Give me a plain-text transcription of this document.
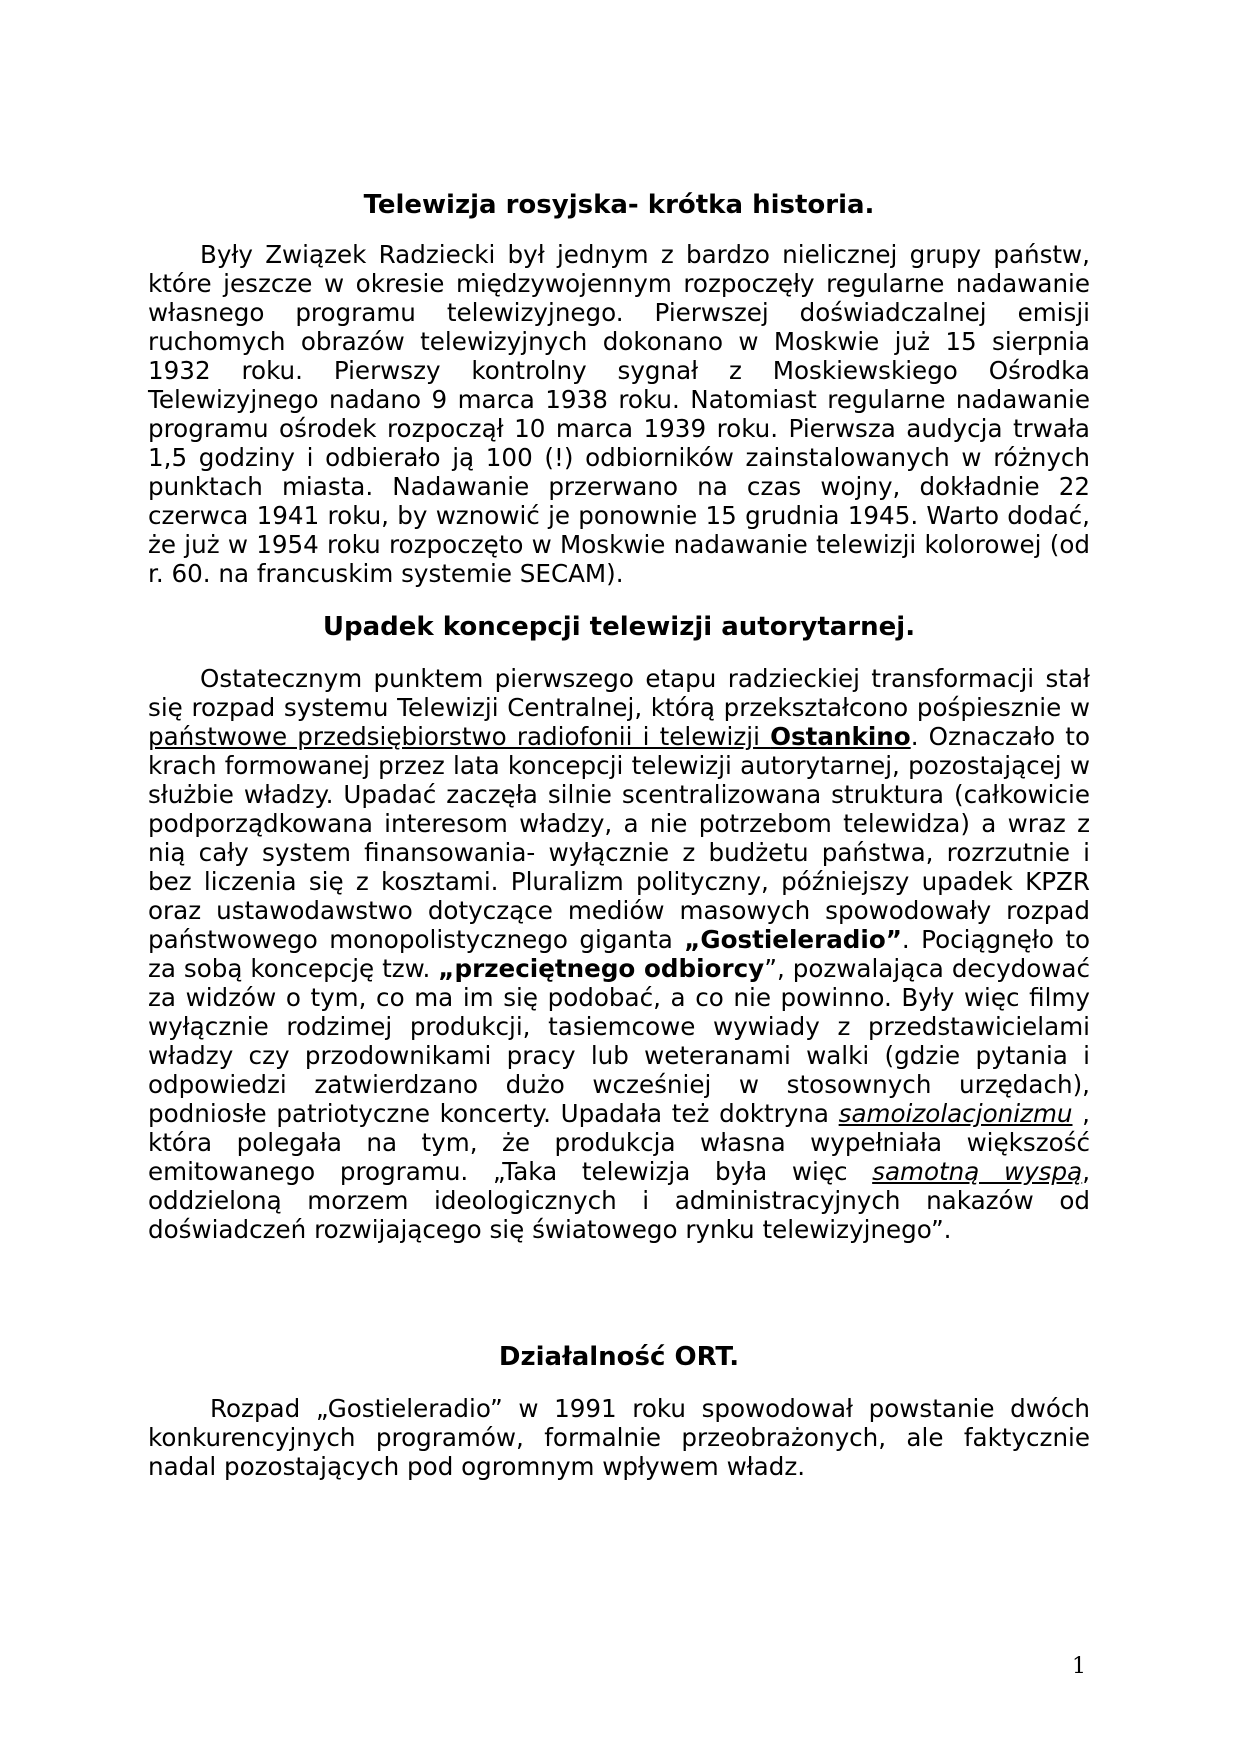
Telewizja rosyjska- krótka historia.

Były Związek Radziecki był jednym z bardzo nielicznej grupy państw, które jeszcze w okresie międzywojennym rozpoczęły regularne nadawanie własnego programu telewizyjnego. Pierwszej doświadczalnej emisji ruchomych obrazów telewizyjnych dokonano w Moskwie już 15 sierpnia 1932 roku. Pierwszy kontrolny sygnał z Moskiewskiego Ośrodka Telewizyjnego nadano 9 marca 1938 roku. Natomiast regularne nadawanie programu ośrodek rozpoczął 10 marca 1939 roku. Pierwsza audycja trwała 1,5 godziny i odbierało ją 100 (!) odbiorników zainstalowanych w różnych punktach miasta. Nadawanie przerwano na czas wojny, dokładnie 22 czerwca 1941 roku, by wznowić je ponownie 15 grudnia 1945. Warto dodać, że już w 1954 roku rozpoczęto w Moskwie nadawanie telewizji kolorowej (od r. 60. na francuskim systemie SECAM).

Upadek koncepcji telewizji autorytarnej.

Ostatecznym punktem pierwszego etapu radzieckiej transformacji stał się rozpad systemu Telewizji Centralnej, którą przekształcono pośpiesznie w państwowe przedsiębiorstwo radiofonii i telewizji Ostankino. Oznaczało to krach formowanej przez lata koncepcji telewizji autorytarnej, pozostającej w służbie władzy. Upadać zaczęła silnie scentralizowana struktura (całkowicie podporządkowana interesom władzy, a nie potrzebom telewidza) a wraz z nią cały system finansowania- wyłącznie z budżetu państwa, rozrzutnie i bez liczenia się z kosztami. Pluralizm polityczny, późniejszy upadek KPZR oraz ustawodawstwo dotyczące mediów masowych spowodowały rozpad państwowego monopolistycznego giganta „Gostieleradio”. Pociągnęło to za sobą koncepcję tzw. „przeciętnego odbiorcy”, pozwalająca decydować za widzów o tym, co ma im się podobać, a co nie powinno. Były więc filmy wyłącznie rodzimej produkcji, tasiemcowe wywiady z przedstawicielami władzy czy przodownikami pracy lub weteranami walki (gdzie pytania i odpowiedzi zatwierdzano dużo wcześniej w stosownych urzędach), podniosłe patriotyczne koncerty. Upadała też doktryna samoizolacjonizmu , która polegała na tym, że produkcja własna wypełniała większość emitowanego programu. „Taka telewizja była więc samotną wyspą, oddzieloną morzem ideologicznych i administracyjnych nakazów od doświadczeń rozwijającego się światowego rynku telewizyjnego”.

Działalność ORT.

Rozpad „Gostieleradio” w 1991 roku spowodował powstanie dwóch konkurencyjnych programów, formalnie przeobrażonych, ale faktycznie nadal pozostających pod ogromnym wpływem władz.

1
